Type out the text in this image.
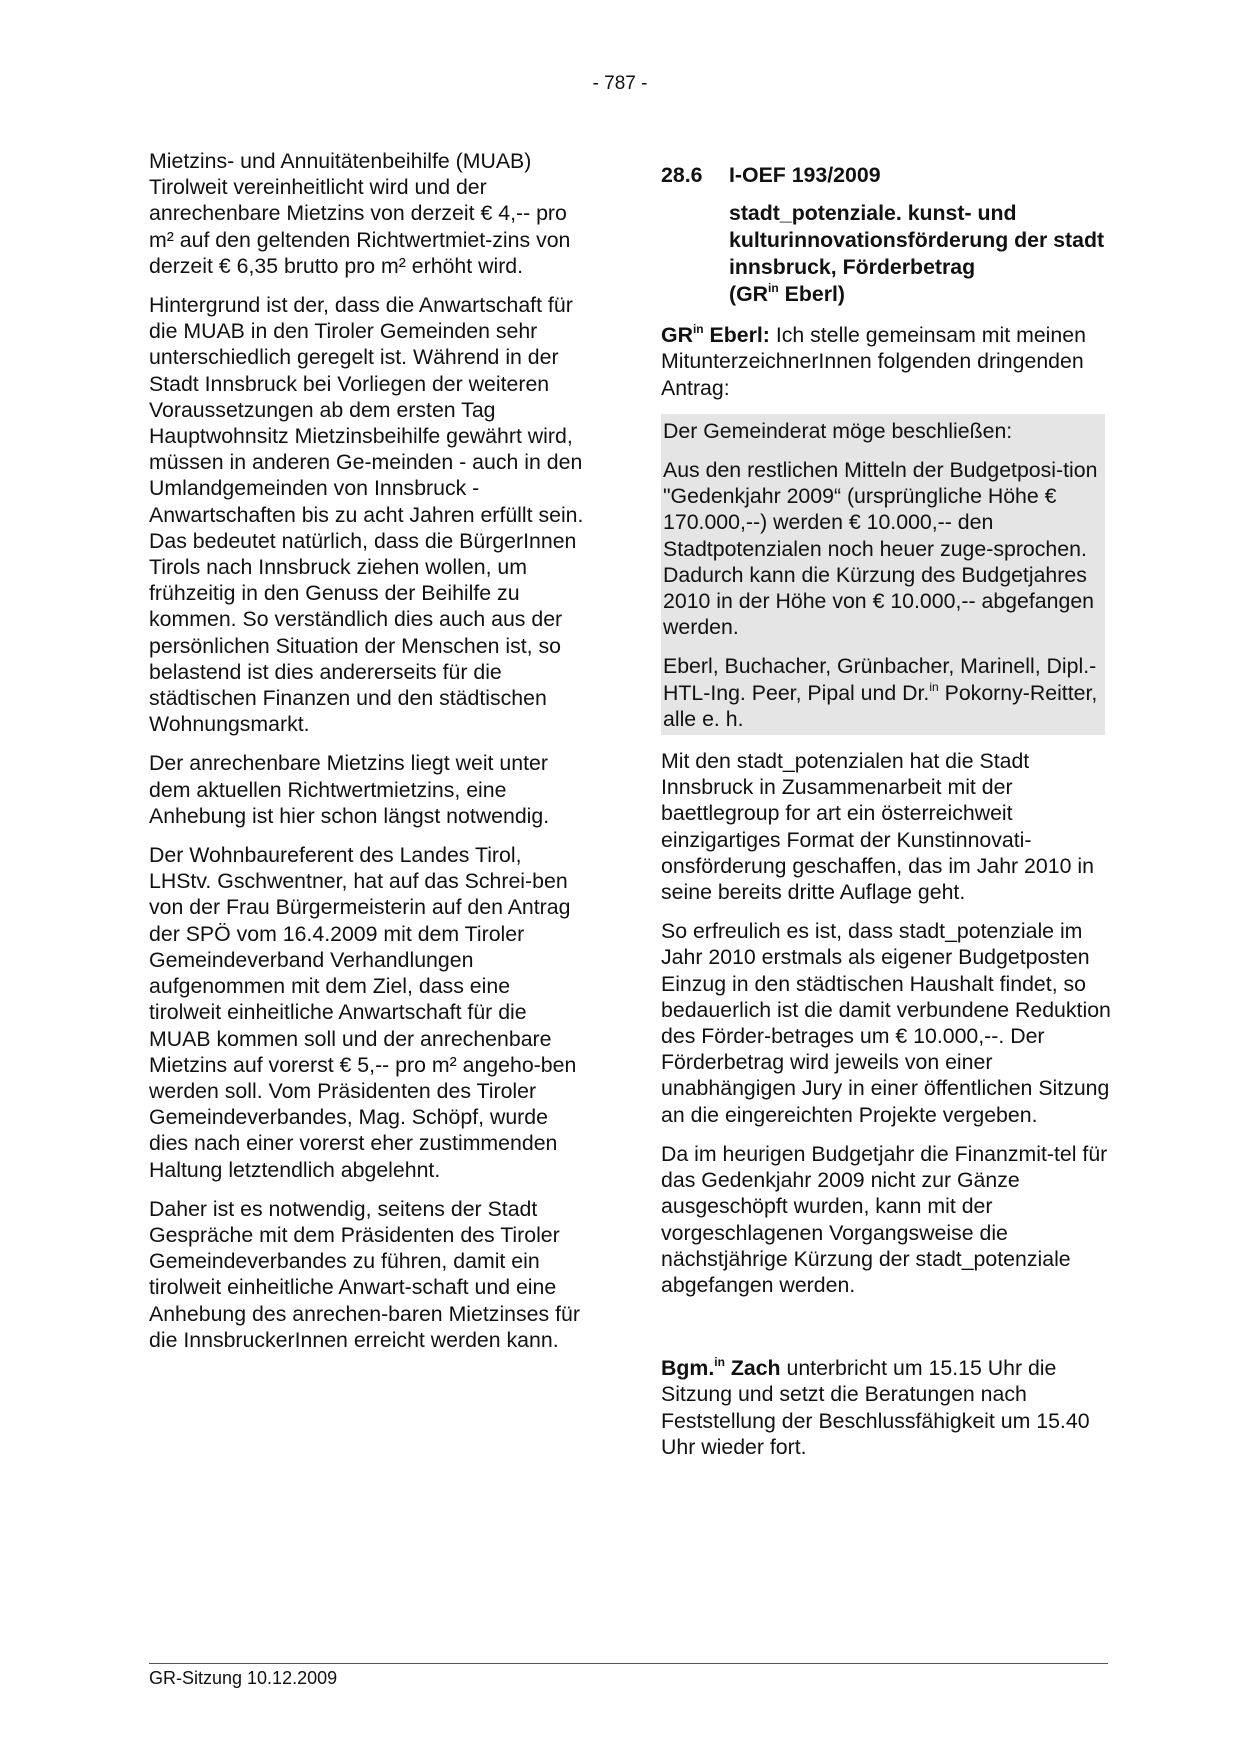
- 787 -

Mietzins- und Annuitätenbeihilfe (MUAB) Tirolweit vereinheitlicht wird und der anrechenbare Mietzins von derzeit € 4,-- pro m² auf den geltenden Richtwertmiet-zins von derzeit € 6,35 brutto pro m² erhöht wird.

Hintergrund ist der, dass die Anwartschaft für die MUAB in den Tiroler Gemeinden sehr unterschiedlich geregelt ist. Während in der Stadt Innsbruck bei Vorliegen der weiteren Voraussetzungen ab dem ersten Tag Hauptwohnsitz Mietzinsbeihilfe gewährt wird, müssen in anderen Ge-meinden - auch in den Umlandgemeinden von Innsbruck - Anwartschaften bis zu acht Jahren erfüllt sein. Das bedeutet natürlich, dass die BürgerInnen Tirols nach Innsbruck ziehen wollen, um frühzeitig in den Genuss der Beihilfe zu kommen. So verständlich dies auch aus der persönlichen Situation der Menschen ist, so belastend ist dies andererseits für die städtischen Finanzen und den städtischen Wohnungsmarkt.

Der anrechenbare Mietzins liegt weit unter dem aktuellen Richtwertmietzins, eine Anhebung ist hier schon längst notwendig.

Der Wohnbaureferent des Landes Tirol, LHStv. Gschwentner, hat auf das Schrei-ben von der Frau Bürgermeisterin auf den Antrag der SPÖ vom 16.4.2009 mit dem Tiroler Gemeindeverband Verhandlungen aufgenommen mit dem Ziel, dass eine tirolweit einheitliche Anwartschaft für die MUAB kommen soll und der anrechenbare Mietzins auf vorerst € 5,-- pro m² angeho-ben werden soll. Vom Präsidenten des Tiroler Gemeindeverbandes, Mag. Schöpf, wurde dies nach einer vorerst eher zustimmenden Haltung letztendlich abgelehnt.

Daher ist es notwendig, seitens der Stadt Gespräche mit dem Präsidenten des Tiroler Gemeindeverbandes zu führen, damit ein tirolweit einheitliche Anwart-schaft und eine Anhebung des anrechen-baren Mietzinses für die InnsbruckerInnen erreicht werden kann.

28.6 I-OEF 193/2009
stadt_potenziale. kunst- und kulturinnovationsförderung der stadt innsbruck, Förderbetrag
($GR^{in}$ Eberl)

$GR^{in}$ Eberl: Ich stelle gemeinsam mit meinen MitunterzeichnerInnen folgenden dringenden Antrag:

Der Gemeinderat möge beschließen:

Aus den restlichen Mitteln der Budgetposi-tion "Gedenkjahr 2009“ (ursprüngliche Höhe € 170.000,--) werden € 10.000,-- den Stadtpotenzialen noch heuer zuge-sprochen. Dadurch kann die Kürzung des Budgetjahres 2010 in der Höhe von € 10.000,-- abgefangen werden.

Eberl, Buchacher, Grünbacher, Marinell, Dipl.-HTL-Ing. Peer, Pipal und Dr.$^{in}$ Pokorny-Reitter, alle e. h.

Mit den stadt_potenzialen hat die Stadt Innsbruck in Zusammenarbeit mit der baettlegroup for art ein österreichweit einzigartiges Format der Kunstinnovati-onsförderung geschaffen, das im Jahr 2010 in seine bereits dritte Auflage geht.

So erfreulich es ist, dass stadt_potenziale im Jahr 2010 erstmals als eigener Budgetposten Einzug in den städtischen Haushalt findet, so bedauerlich ist die damit verbundene Reduktion des Förder-betrages um € 10.000,--. Der Förderbetrag wird jeweils von einer unabhängigen Jury in einer öffentlichen Sitzung an die eingereichten Projekte vergeben.

Da im heurigen Budgetjahr die Finanzmit-tel für das Gedenkjahr 2009 nicht zur Gänze ausgeschöpft wurden, kann mit der vorgeschlagenen Vorgangsweise die nächstjährige Kürzung der stadt_potenziale abgefangen werden.

Bgm.$^{in}$ Zach unterbricht um 15.15 Uhr die Sitzung und setzt die Beratungen nach Feststellung der Beschlussfähigkeit um 15.40 Uhr wieder fort.

GR-Sitzung 10.12.2009
